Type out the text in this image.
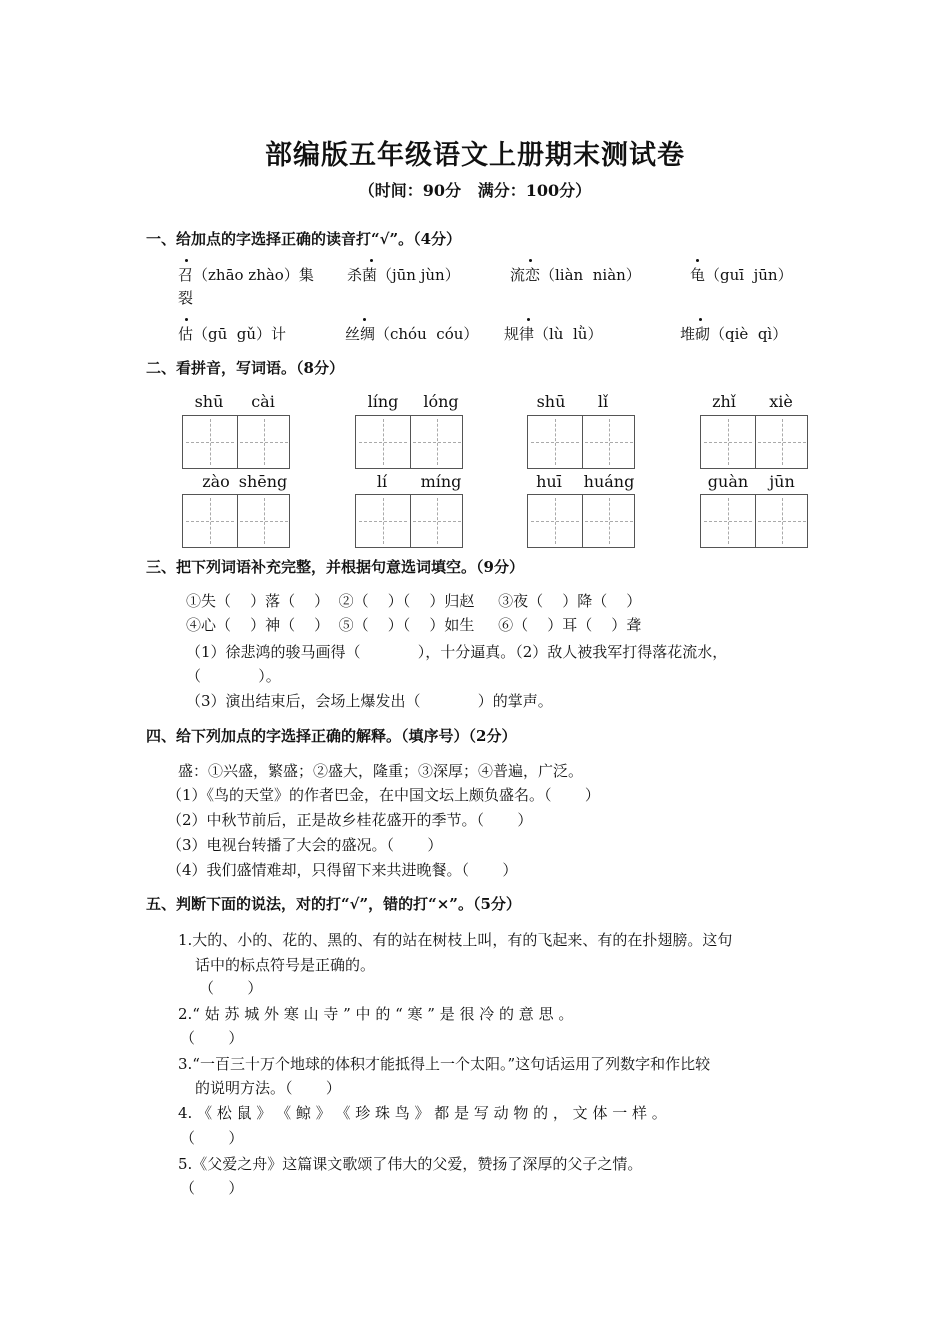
部编版五年级语文上册期末测试卷
（时间：90分   满分：100分）
一、给加点的字选择正确的读音打“√”。（4分）
召（zhāo zhào）集 杀菌（jūn jùn）	流恋（liàn  niàn）	龟（guī  jūn）
裂
估（gū  gǔ）计	丝绸（chóu  cóu） 规律（lù  lǜ）	堆砌（qiè  qì）
二、看拼音，写词语。（8分）
shū	cài	líng	lóng	shū	lǐ	zhǐ	xiè
zào shēng	lí	míng	huī	huáng	guàn	jūn
三、把下列词语补充完整，并根据句意选词填空。（9分）
①失（    ）落（    ）  ②（    ）（    ）归赵     ③夜（    ）降（    ）
④心（    ）神（    ）  ⑤（    ）（    ）如生     ⑥（    ）耳（    ）聋
（1）徐悲鸿的骏马画得（            ），十分逼真。（2）敌人被我军打得落花流水，
（            ）。
（3）演出结束后，会场上爆发出（            ）的掌声。
四、给下列加点的字选择正确的解释。（填序号）（2分）
盛：①兴盛，繁盛；②盛大，隆重；③深厚；④普遍，广泛。
（1）《鸟的天堂》的作者巴金，在中国文坛上颇负盛名。（       ）
（2）中秋节前后，正是故乡桂花盛开的季节。（       ）
（3）电视台转播了大会的盛况。（       ）
（4）我们盛情难却，只得留下来共进晚餐。（       ）
五、判断下面的说法，对的打“√”，错的打“×”。（5分）
1.大的、小的、花的、黑的、有的站在树枝上叫，有的飞起来、有的在扑翅膀。这句
话中的标点符号是正确的。
（       ）
2.“ 姑 苏 城 外 寒 山 寺 ” 中 的 “ 寒 ” 是 很 冷 的 意 思 。
（       ）
3.“一百三十万个地球的体积才能抵得上一个太阳。”这句话运用了列数字和作比较
的说明方法。（       ）
4. 《 松 鼠 》 《 鲸 》 《 珍 珠 鸟 》 都 是 写 动 物 的 ， 文 体 一 样 。
（       ）
5.《父爱之舟》这篇课文歌颂了伟大的父爱，赞扬了深厚的父子之情。
（       ）
